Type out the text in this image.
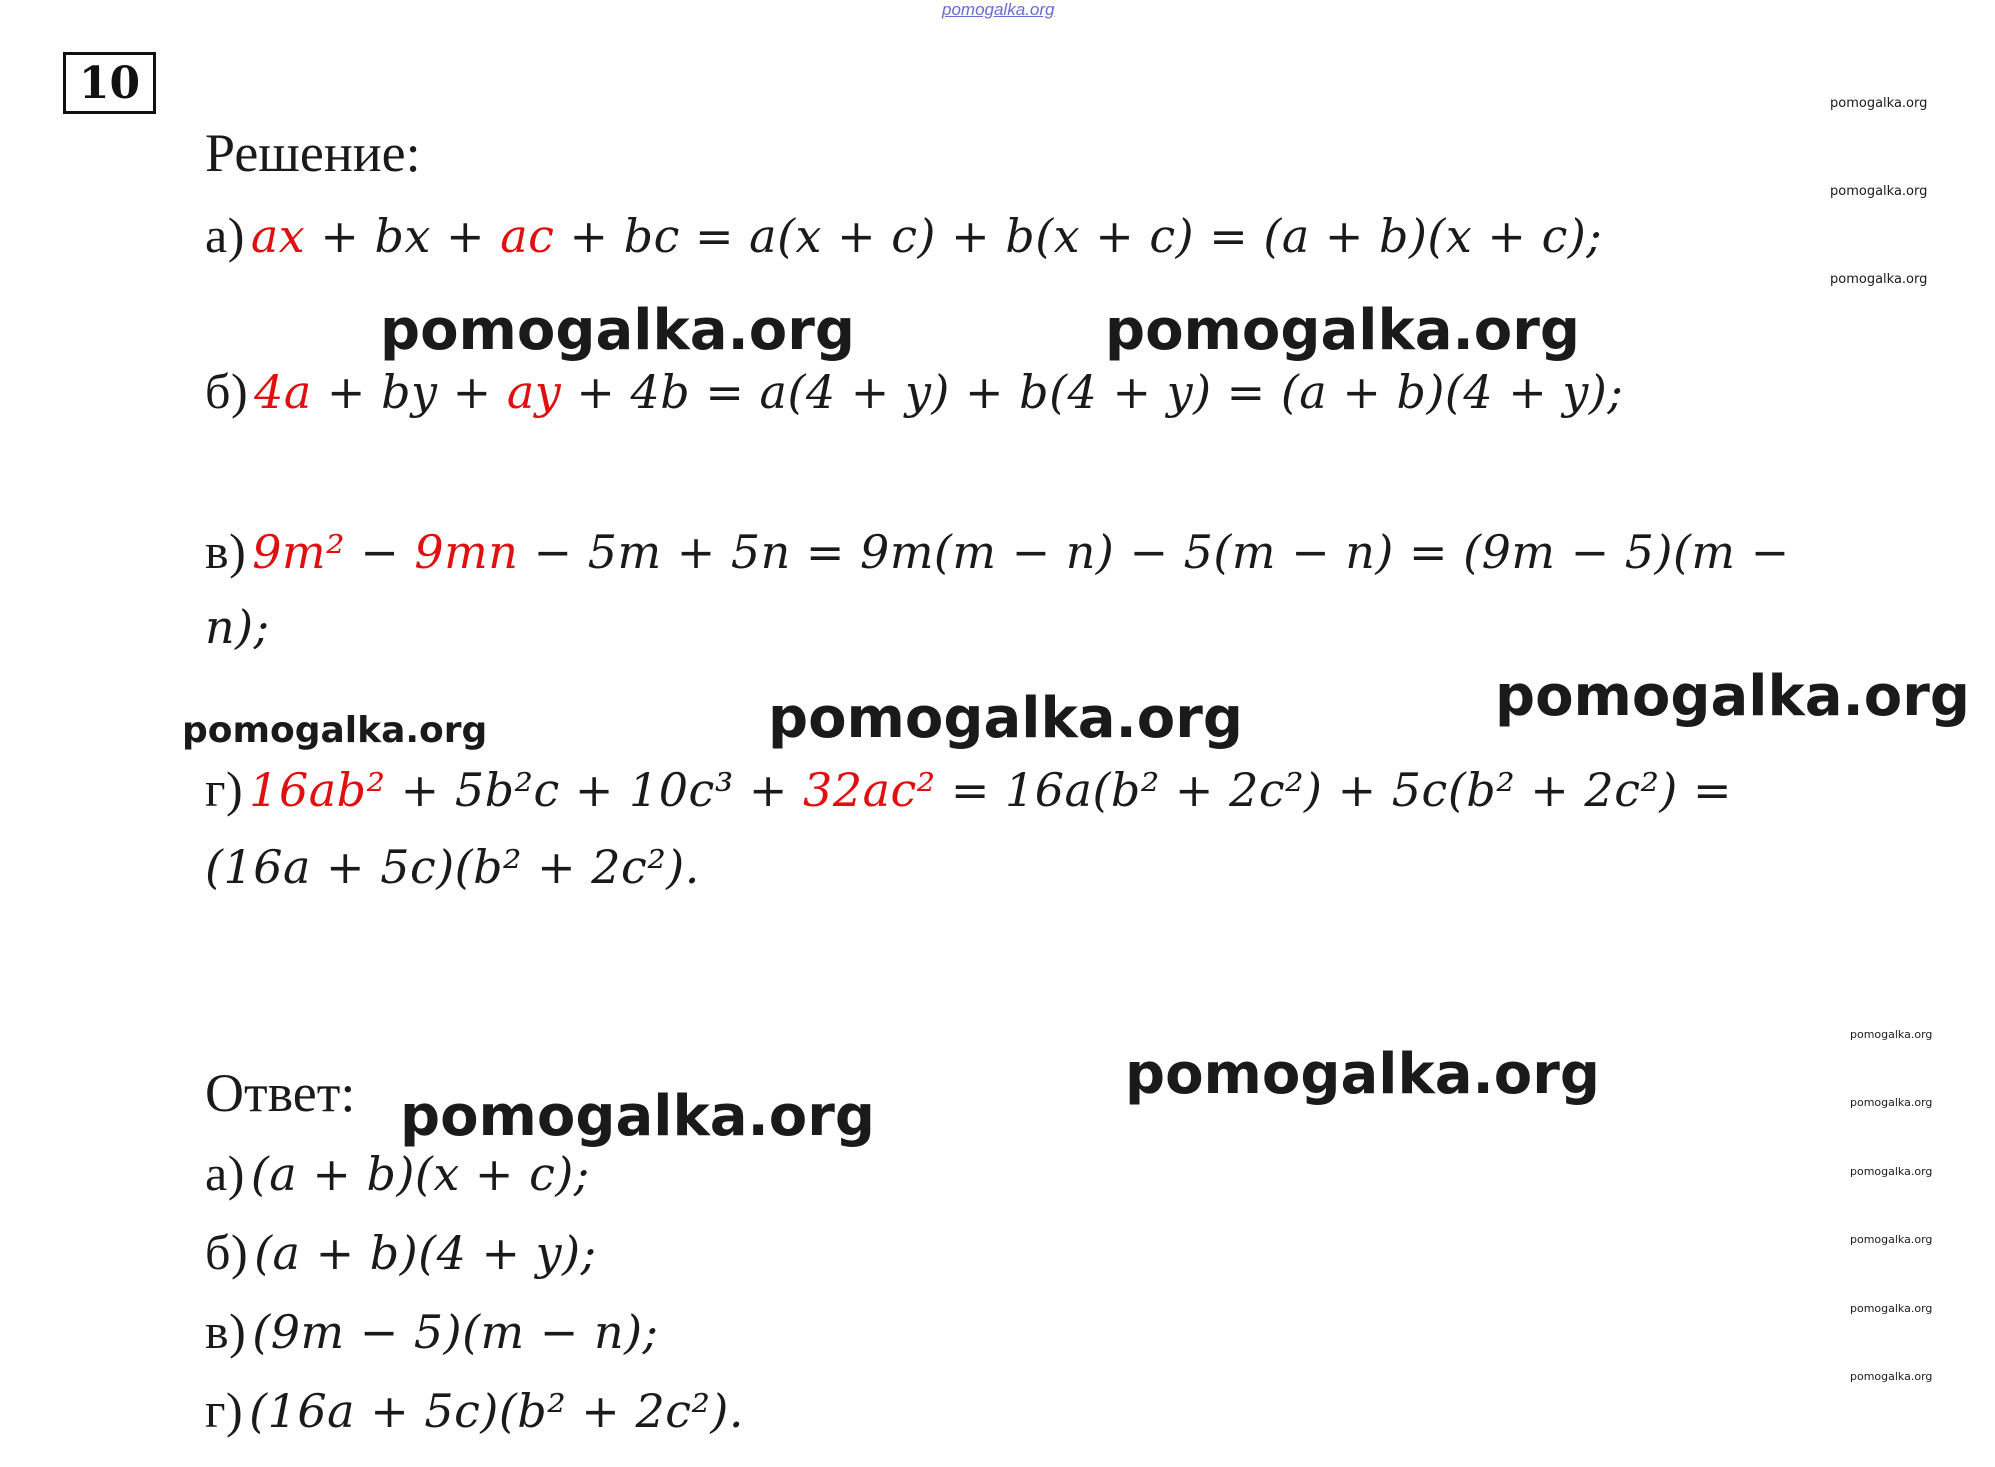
pomogalka.org
10	pomogalka.org
pomogalka.org
pomogalka.org
Решение:
а) ax + bx + ac + bc = a(x + c) + b(x + c) = (a + b)(x + c);
pomogalka.org	pomogalka.org
б) 4a + by + ay + 4b = a(4 + y) + b(4 + y) = (a + b)(4 + y);
в) 9m² − 9mn − 5m + 5n = 9m(m − n) − 5(m − n) = (9m − 5)(m −
n);
pomogalka.org	pomogalka.org	pomogalka.org
г) 16ab² + 5b²c + 10c³ + 32ac² = 16a(b² + 2c²) + 5c(b² + 2c²) =
(16a + 5c)(b² + 2c²).
pomogalka.org
pomogalka.org
pomogalka.org
pomogalka.org
pomogalka.org
pomogalka.org
pomogalka.org
pomogalka.org
Ответ:
а) (a + b)(x + c);
б) (a + b)(4 + y);
в) (9m − 5)(m − n);
г) (16a + 5c)(b² + 2c²).
